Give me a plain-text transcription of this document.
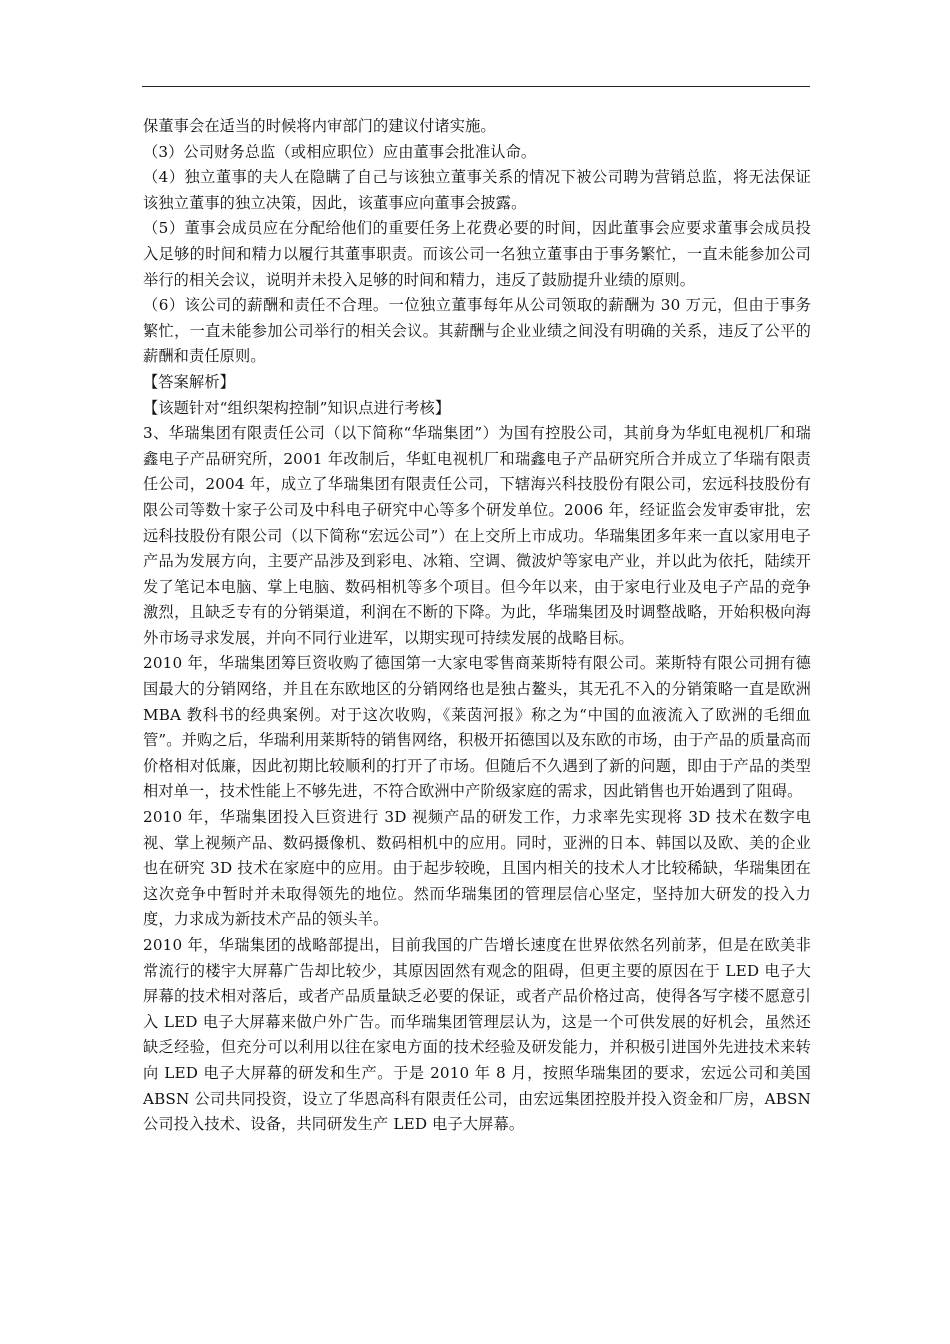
保董事会在适当的时候将内审部门的建议付诸实施。

（3）公司财务总监（或相应职位）应由董事会批准认命。

（4）独立董事的夫人在隐瞒了自己与该独立董事关系的情况下被公司聘为营销总监，将无法保证该独立董事的独立决策，因此，该董事应向董事会披露。

（5）董事会成员应在分配给他们的重要任务上花费必要的时间，因此董事会应要求董事会成员投入足够的时间和精力以履行其董事职责。而该公司一名独立董事由于事务繁忙，一直未能参加公司举行的相关会议，说明并未投入足够的时间和精力，违反了鼓励提升业绩的原则。

（6）该公司的薪酬和责任不合理。一位独立董事每年从公司领取的薪酬为 30 万元，但由于事务繁忙，一直未能参加公司举行的相关会议。其薪酬与企业业绩之间没有明确的关系，违反了公平的薪酬和责任原则。

【答案解析】

【该题针对“组织架构控制”知识点进行考核】

3、华瑞集团有限责任公司（以下简称“华瑞集团”）为国有控股公司，其前身为华虹电视机厂和瑞鑫电子产品研究所，2001 年改制后，华虹电视机厂和瑞鑫电子产品研究所合并成立了华瑞有限责任公司，2004 年，成立了华瑞集团有限责任公司，下辖海兴科技股份有限公司，宏远科技股份有限公司等数十家子公司及中科电子研究中心等多个研发单位。2006 年，经证监会发审委审批，宏远科技股份有限公司（以下简称“宏远公司”）在上交所上市成功。华瑞集团多年来一直以家用电子产品为发展方向，主要产品涉及到彩电、冰箱、空调、微波炉等家电产业，并以此为依托，陆续开发了笔记本电脑、掌上电脑、数码相机等多个项目。但今年以来，由于家电行业及电子产品的竞争激烈，且缺乏专有的分销渠道，利润在不断的下降。为此，华瑞集团及时调整战略，开始积极向海外市场寻求发展，并向不同行业进军，以期实现可持续发展的战略目标。

2010 年，华瑞集团筹巨资收购了德国第一大家电零售商莱斯特有限公司。莱斯特有限公司拥有德国最大的分销网络，并且在东欧地区的分销网络也是独占鳌头，其无孔不入的分销策略一直是欧洲 MBA 教科书的经典案例。对于这次收购，《莱茵河报》称之为“中国的血液流入了欧洲的毛细血管”。并购之后，华瑞利用莱斯特的销售网络，积极开拓德国以及东欧的市场，由于产品的质量高而价格相对低廉，因此初期比较顺利的打开了市场。但随后不久遇到了新的问题，即由于产品的类型相对单一，技术性能上不够先进，不符合欧洲中产阶级家庭的需求，因此销售也开始遇到了阻碍。

2010 年，华瑞集团投入巨资进行 3D 视频产品的研发工作，力求率先实现将 3D 技术在数字电视、掌上视频产品、数码摄像机、数码相机中的应用。同时，亚洲的日本、韩国以及欧、美的企业也在研究 3D 技术在家庭中的应用。由于起步较晚，且国内相关的技术人才比较稀缺，华瑞集团在这次竞争中暂时并未取得领先的地位。然而华瑞集团的管理层信心坚定，坚持加大研发的投入力度，力求成为新技术产品的领头羊。

2010 年，华瑞集团的战略部提出，目前我国的广告增长速度在世界依然名列前茅，但是在欧美非常流行的楼宇大屏幕广告却比较少，其原因固然有观念的阻碍，但更主要的原因在于 LED 电子大屏幕的技术相对落后，或者产品质量缺乏必要的保证，或者产品价格过高，使得各写字楼不愿意引入 LED 电子大屏幕来做户外广告。而华瑞集团管理层认为，这是一个可供发展的好机会，虽然还缺乏经验，但充分可以利用以往在家电方面的技术经验及研发能力，并积极引进国外先进技术来转向 LED 电子大屏幕的研发和生产。于是 2010 年 8 月，按照华瑞集团的要求，宏远公司和美国 ABSN 公司共同投资，设立了华恩高科有限责任公司，由宏远集团控股并投入资金和厂房，ABSN 公司投入技术、设备，共同研发生产 LED 电子大屏幕。
